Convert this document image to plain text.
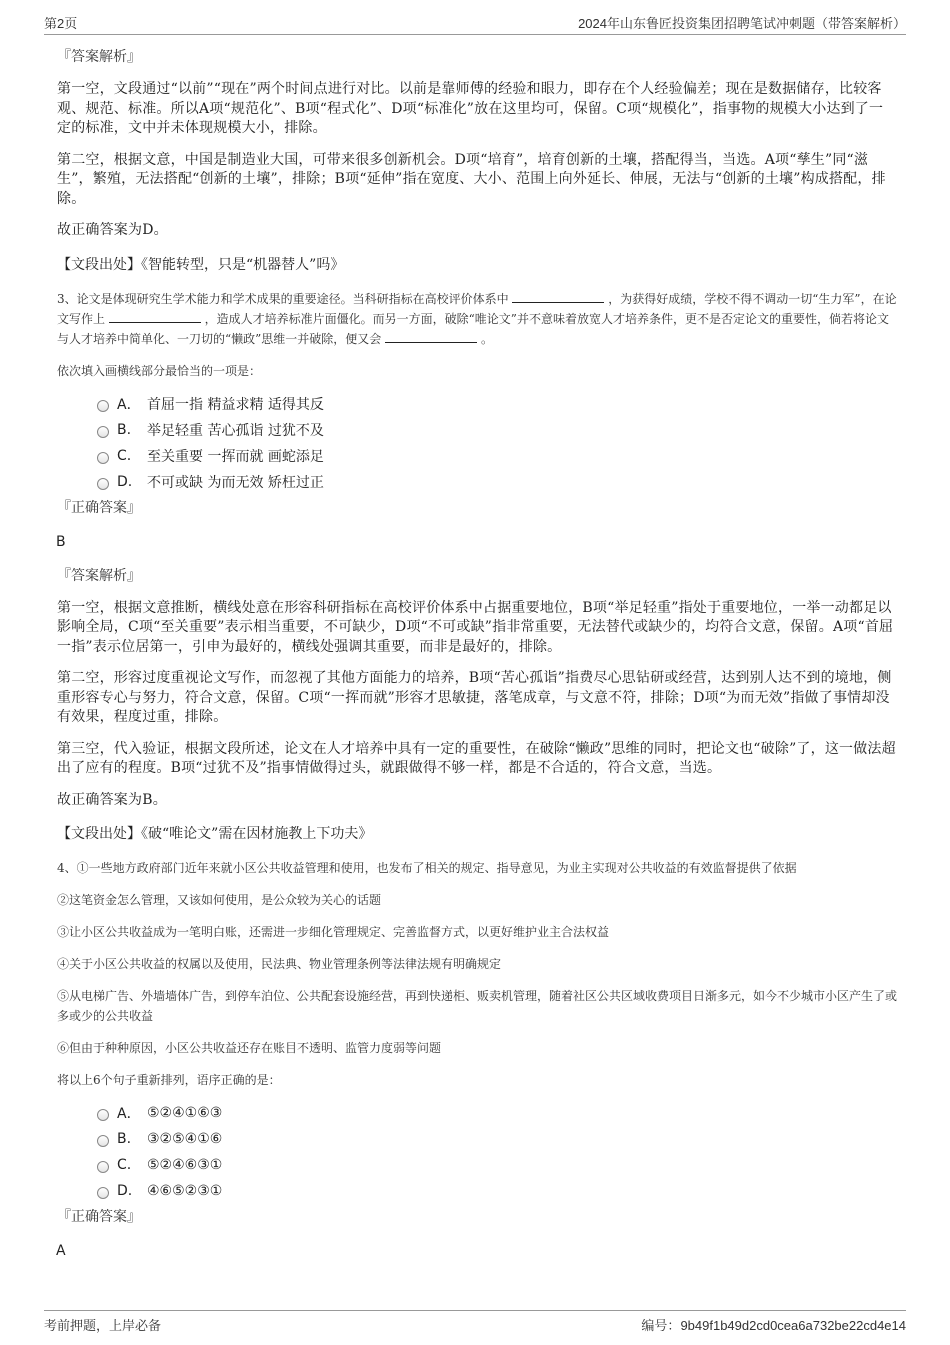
第2页	2024年山东鲁匠投资集团招聘笔试冲刺题（带答案解析）

『答案解析』

第一空，文段通过“以前”“现在”两个时间点进行对比。以前是靠师傅的经验和眼力，即存在个人经验偏差；现在是数据储存，比较客观、规范、标准。所以A项“规范化”、B项“程式化”、D项“标准化”放在这里均可，保留。C项“规模化”，指事物的规模大小达到了一定的标准，文中并未体现规模大小，排除。

第二空，根据文意，中国是制造业大国，可带来很多创新机会。D项“培育”，培育创新的土壤，搭配得当，当选。A项“孳生”同“滋生”，繁殖，无法搭配“创新的土壤”，排除；B项“延伸”指在宽度、大小、范围上向外延长、伸展，无法与“创新的土壤”构成搭配，排除。

故正确答案为D。

【文段出处】《智能转型，只是“机器替人”吗》

3、论文是体现研究生学术能力和学术成果的重要途径。当科研指标在高校评价体系中	，为获得好成绩，学校不得不调动一切“生力军”，在论文写作上	，造成人才培养标准片面僵化。而另一方面，破除“唯论文”并不意味着放宽人才培养条件，更不是否定论文的重要性，倘若将论文与人才培养中简单化、一刀切的“懒政”思维一并破除，便又会	。

依次填入画横线部分最恰当的一项是：

A． 首屈一指 精益求精 适得其反
B.	举足轻重 苦心孤诣 过犹不及
C.	至关重要 一挥而就 画蛇添足
D.	不可或缺 为而无效 矫枉过正

『正确答案』

B

『答案解析』

第一空，根据文意推断，横线处意在形容科研指标在高校评价体系中占据重要地位，B项“举足轻重”指处于重要地位，一举一动都足以影响全局，C项“至关重要”表示相当重要，不可缺少，D项“不可或缺”指非常重要，无法替代或缺少的，均符合文意，保留。A项“首屈一指”表示位居第一，引申为最好的，横线处强调其重要，而非是最好的，排除。

第二空，形容过度重视论文写作，而忽视了其他方面能力的培养，B项“苦心孤诣”指费尽心思钻研或经营，达到别人达不到的境地，侧重形容专心与努力，符合文意，保留。C项“一挥而就”形容才思敏捷，落笔成章，与文意不符，排除；D项“为而无效”指做了事情却没有效果，程度过重，排除。

第三空，代入验证，根据文段所述，论文在人才培养中具有一定的重要性，在破除“懒政”思维的同时，把论文也“破除”了，这一做法超出了应有的程度。B项“过犹不及”指事情做得过头，就跟做得不够一样，都是不合适的，符合文意，当选。

故正确答案为B。

【文段出处】《破“唯论文”需在因材施教上下功夫》

4、①一些地方政府部门近年来就小区公共收益管理和使用，也发布了相关的规定、指导意见，为业主实现对公共收益的有效监督提供了依据

②这笔资金怎么管理，又该如何使用，是公众较为关心的话题

③让小区公共收益成为一笔明白账，还需进一步细化管理规定、完善监督方式，以更好维护业主合法权益

④关于小区公共收益的权属以及使用，民法典、物业管理条例等法律法规有明确规定

⑤从电梯广告、外墙墙体广告，到停车泊位、公共配套设施经营，再到快递柜、贩卖机管理，随着社区公共区域收费项目日渐多元，如今不少城市小区产生了或多或少的公共收益

⑥但由于种种原因，小区公共收益还存在账目不透明、监管力度弱等问题

将以上6个句子重新排列，语序正确的是：

A． ⑤②④①⑥③
B.	③②⑤④①⑥
C.	⑤②④⑥③①
D.	④⑥⑤②③①

『正确答案』

A

考前押题，上岸必备	编号：9b49f1b49d2cd0cea6a732be22cd4e14
